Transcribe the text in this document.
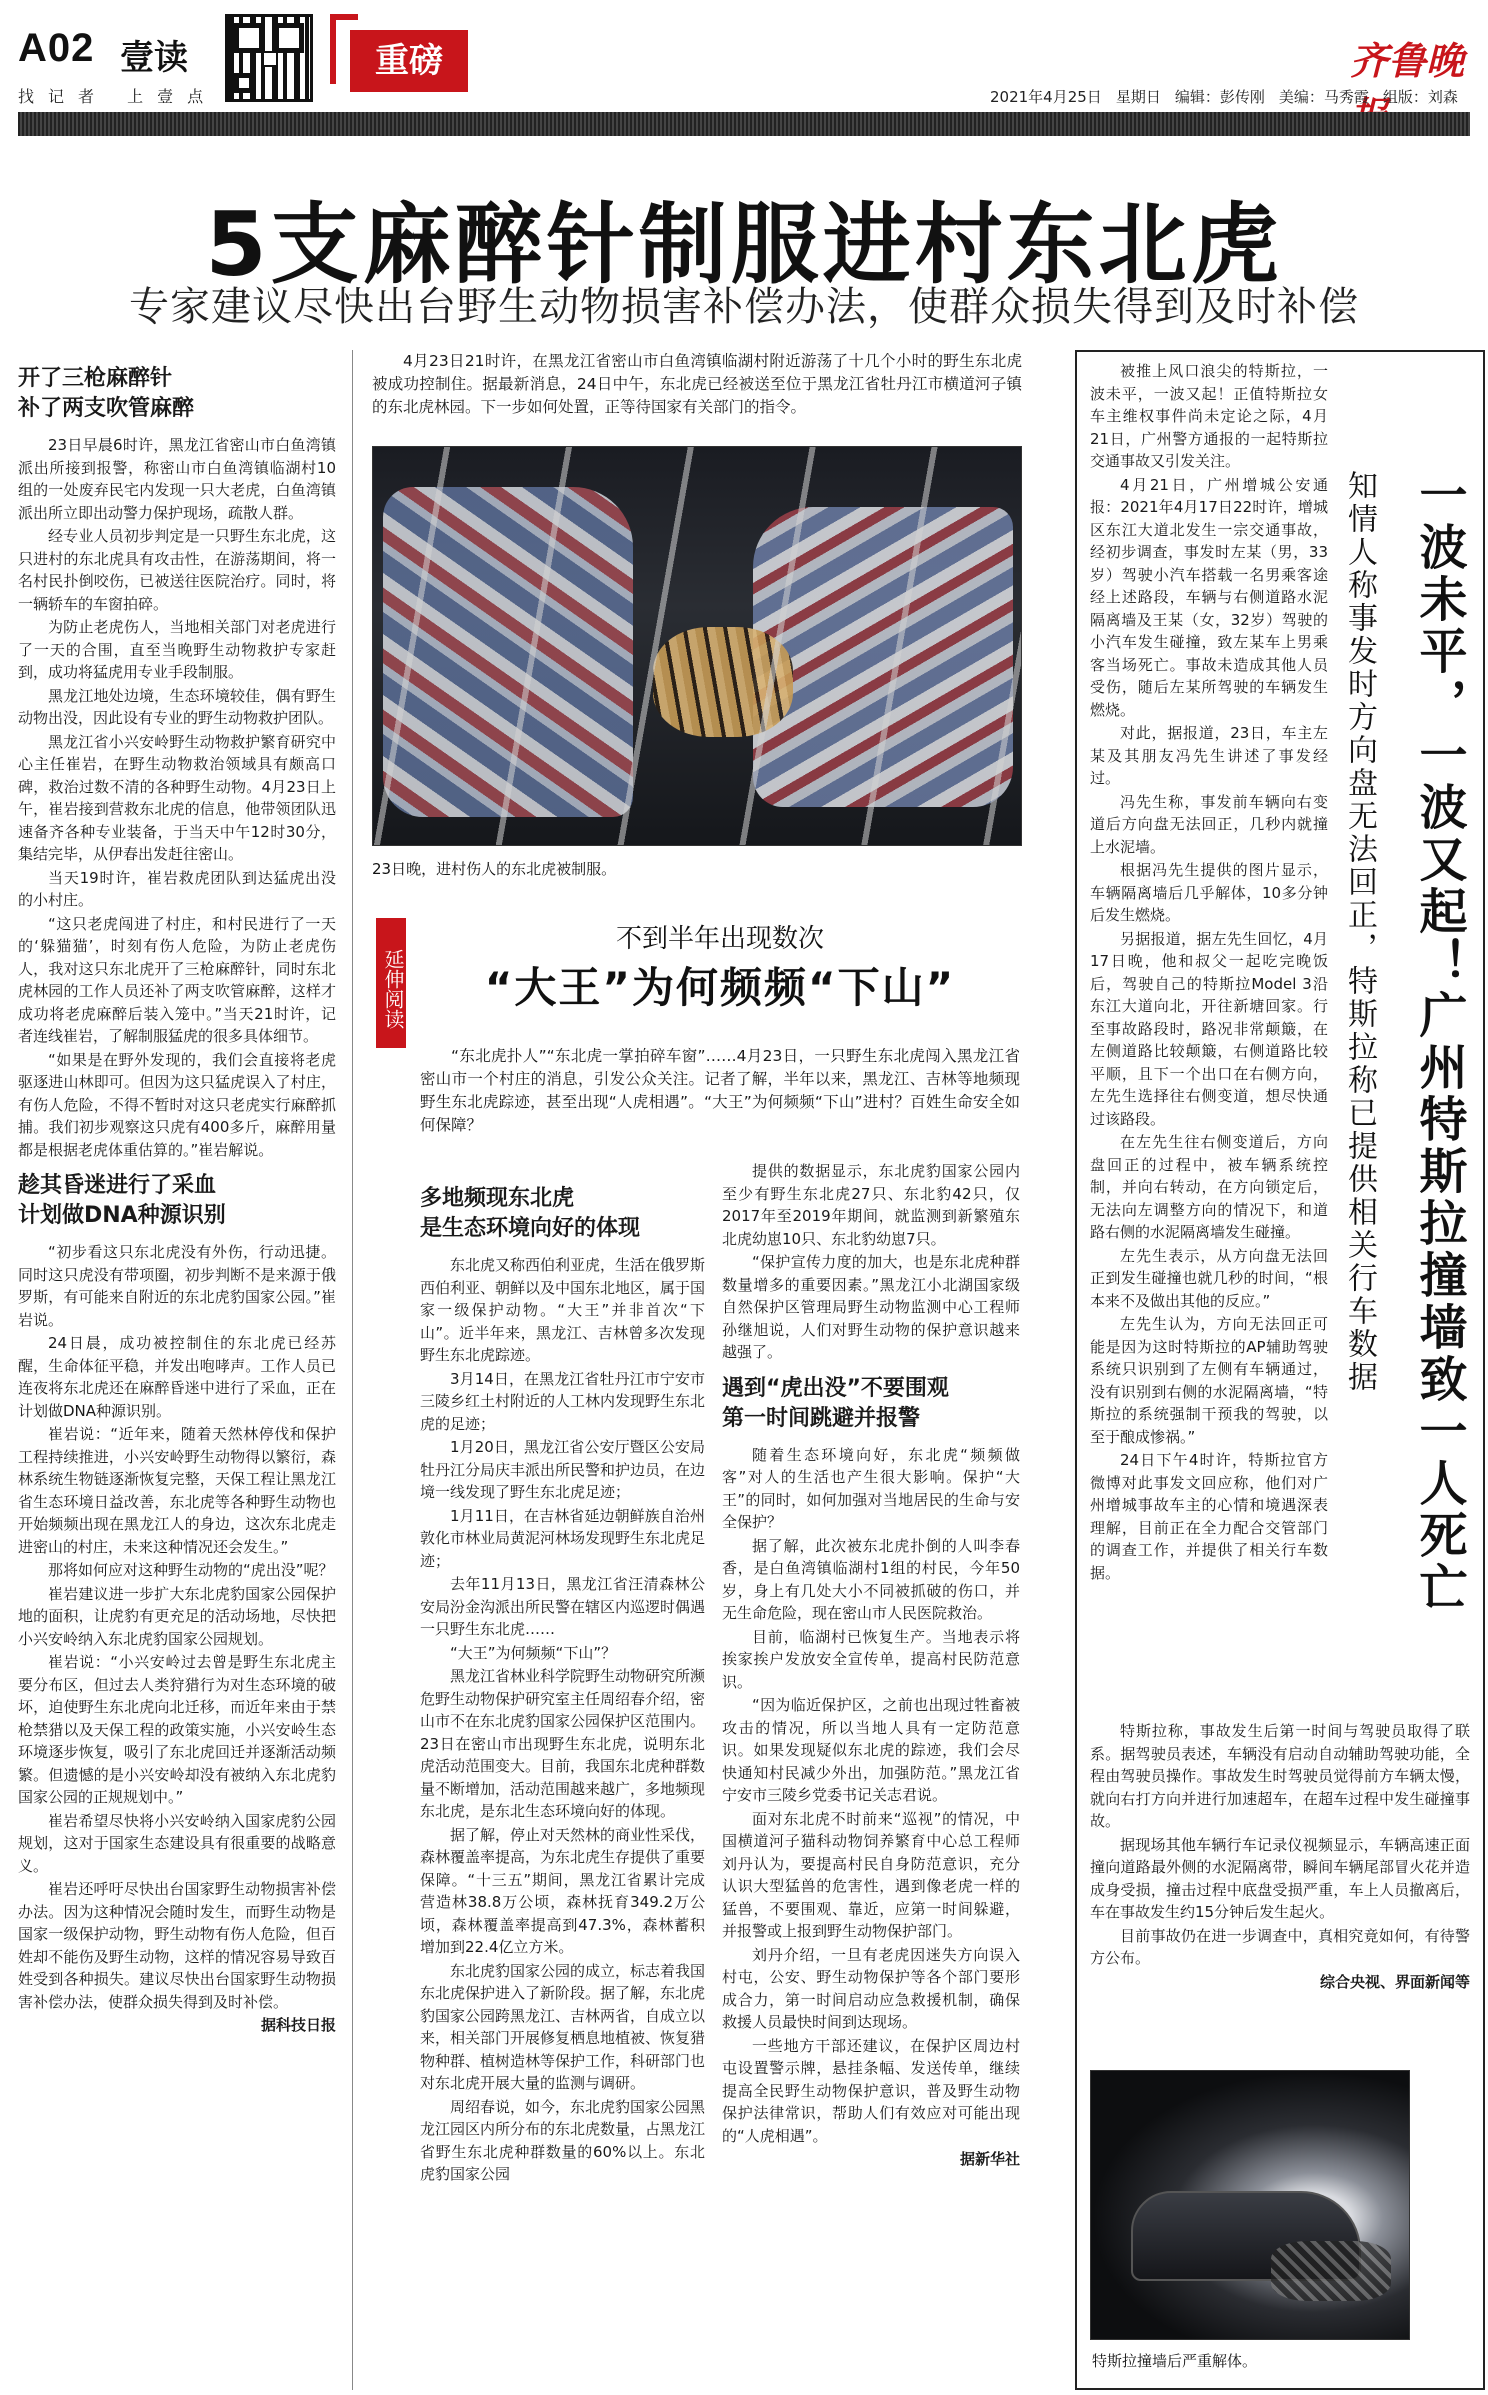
A02 壹读
找记者 上壹点
重磅	齐鲁晚
2021年4月25日 星期日 编辑：彭传刚 美编：马秀霞 组版：刘森
5支麻醉针制服进村东北虎
专家建议尽快出台野生动物损害补偿办法，使群众损失得到及时补偿
开了三枪麻醉针
补了两支吹管麻醉

23日早晨6时许，黑龙江省密山市白鱼湾镇派出所接到报警，称密山市白鱼湾镇临湖村10组的一处废弃民宅内发现一只大老虎，白鱼湾镇派出所立即出动警力保护现场，疏散人群。

经专业人员初步判定是一只野生东北虎，这只进村的东北虎具有攻击性，在游荡期间，将一名村民扑倒咬伤，已被送往医院治疗。同时，将一辆轿车的车窗拍碎。

为防止老虎伤人，当地相关部门对老虎进行了一天的合围，直至当晚野生动物救护专家赶到，成功将猛虎用专业手段制服。

黑龙江地处边境，生态环境较佳，偶有野生动物出没，因此设有专业的野生动物救护团队。

黑龙江省小兴安岭野生动物救护繁育研究中心主任崔岩，在野生动物救治领域具有颇高口碑，救治过数不清的各种野生动物。4月23日上午，崔岩接到营救东北虎的信息，他带领团队迅速备齐各种专业装备，于当天中午12时30分，集结完毕，从伊春出发赶往密山。

当天19时许，崔岩救虎团队到达猛虎出没的小村庄。

“这只老虎闯进了村庄，和村民进行了一天的‘躲猫猫’，时刻有伤人危险，为防止老虎伤人，我对这只东北虎开了三枪麻醉针，同时东北虎林园的工作人员还补了两支吹管麻醉，这样才成功将老虎麻醉后装入笼中。”当天21时许，记者连线崔岩，了解制服猛虎的很多具体细节。

“如果是在野外发现的，我们会直接将老虎驱逐进山林即可。但因为这只猛虎误入了村庄，有伤人危险，不得不暂时对这只老虎实行麻醉抓捕。我们初步观察这只虎有400多斤，麻醉用量都是根据老虎体重估算的。”崔岩解说。

趁其昏迷进行了采血
计划做DNA种源识别

“初步看这只东北虎没有外伤，行动迅捷。同时这只虎没有带项圈，初步判断不是来源于俄罗斯，有可能来自附近的东北虎豹国家公园。”崔岩说。

24日晨，成功被控制住的东北虎已经苏醒，生命体征平稳，并发出咆哮声。工作人员已连夜将东北虎还在麻醉昏迷中进行了采血，正在计划做DNA种源识别。

崔岩说：“近年来，随着天然林停伐和保护工程持续推进，小兴安岭野生动物得以繁衍，森林系统生物链逐渐恢复完整，天保工程让黑龙江省生态环境日益改善，东北虎等各种野生动物也开始频频出现在黑龙江人的身边，这次东北虎走进密山的村庄，未来这种情况还会发生。”

那将如何应对这种野生动物的“虎出没”呢？

崔岩建议进一步扩大东北虎豹国家公园保护地的面积，让虎豹有更充足的活动场地，尽快把小兴安岭纳入东北虎豹国家公园规划。

崔岩说：“小兴安岭过去曾是野生东北虎主要分布区，但过去人类狩猎行为对生态环境的破坏，迫使野生东北虎向北迁移，而近年来由于禁枪禁猎以及天保工程的政策实施，小兴安岭生态环境逐步恢复，吸引了东北虎回迁并逐渐活动频繁。但遗憾的是小兴安岭却没有被纳入东北虎豹国家公园的正规规划中。”

崔岩希望尽快将小兴安岭纳入国家虎豹公园规划，这对于国家生态建设具有很重要的战略意义。

崔岩还呼吁尽快出台国家野生动物损害补偿办法。因为这种情况会随时发生，而野生动物是国家一级保护动物，野生动物有伤人危险，但百姓却不能伤及野生动物，这样的情况容易导致百姓受到各种损失。建议尽快出台国家野生动物损害补偿办法，使群众损失得到及时补偿。

据科技日报

4月23日21时许，在黑龙江省密山市白鱼湾镇临湖村附近游荡了十几个小时的野生东北虎被成功控制住。据最新消息，24日中午，东北虎已经被送至位于黑龙江省牡丹江市横道河子镇的东北虎林园。下一步如何处置，正等待国家有关部门的指令。

23日晚，进村伤人的东北虎被制服。
延伸阅读
不到半年出现数次
“大王”为何频频“下山”

“东北虎扑人”“东北虎一掌拍碎车窗”……4月23日，一只野生东北虎闯入黑龙江省密山市一个村庄的消息，引发公众关注。记者了解，半年以来，黑龙江、吉林等地频现野生东北虎踪迹，甚至出现“人虎相遇”。“大王”为何频频“下山”进村？百姓生命安全如何保障？

多地频现东北虎
是生态环境向好的体现

东北虎又称西伯利亚虎，生活在俄罗斯西伯利亚、朝鲜以及中国东北地区，属于国家一级保护动物。“大王”并非首次“下山”。近半年来，黑龙江、吉林曾多次发现野生东北虎踪迹。

3月14日，在黑龙江省牡丹江市宁安市三陵乡红土村附近的人工林内发现野生东北虎的足迹；

1月20日，黑龙江省公安厅暨区公安局牡丹江分局庆丰派出所民警和护边员，在边境一线发现了野生东北虎足迹；

1月11日，在吉林省延边朝鲜族自治州敦化市林业局黄泥河林场发现野生东北虎足迹；

去年11月13日，黑龙江省汪清森林公安局汾金沟派出所民警在辖区内巡逻时偶遇一只野生东北虎……

“大王”为何频频“下山”？

黑龙江省林业科学院野生动物研究所濒危野生动物保护研究室主任周绍春介绍，密山市不在东北虎豹国家公园保护区范围内。23日在密山市出现野生东北虎，说明东北虎活动范围变大。目前，我国东北虎种群数量不断增加，活动范围越来越广，多地频现东北虎，是东北生态环境向好的体现。

据了解，停止对天然林的商业性采伐，森林覆盖率提高，为东北虎生存提供了重要保障。“十三五”期间，黑龙江省累计完成营造林38.8万公顷，森林抚育349.2万公顷，森林覆盖率提高到47.3%，森林蓄积增加到22.4亿立方米。

东北虎豹国家公园的成立，标志着我国东北虎保护进入了新阶段。据了解，东北虎豹国家公园跨黑龙江、吉林两省，自成立以来，相关部门开展修复栖息地植被、恢复猎物种群、植树造林等保护工作，科研部门也对东北虎开展大量的监测与调研。

周绍春说，如今，东北虎豹国家公园黑龙江园区内所分布的东北虎数量，占黑龙江省野生东北虎种群数量的60%以上。东北虎豹国家公园

提供的数据显示，东北虎豹国家公园内至少有野生东北虎27只、东北豹42只，仅2017年至2019年期间，就监测到新繁殖东北虎幼崽10只、东北豹幼崽7只。

“保护宣传力度的加大，也是东北虎种群数量增多的重要因素。”黑龙江小北湖国家级自然保护区管理局野生动物监测中心工程师孙继旭说，人们对野生动物的保护意识越来越强了。

遇到“虎出没”不要围观
第一时间跳避并报警

随着生态环境向好，东北虎“频频做客”对人的生活也产生很大影响。保护“大王”的同时，如何加强对当地居民的生命与安全保护？

据了解，此次被东北虎扑倒的人叫李春香，是白鱼湾镇临湖村1组的村民，今年50岁，身上有几处大小不同被抓破的伤口，并无生命危险，现在密山市人民医院救治。

目前，临湖村已恢复生产。当地表示将挨家挨户发放安全宣传单，提高村民防范意识。

“因为临近保护区，之前也出现过牲畜被攻击的情况，所以当地人具有一定防范意识。如果发现疑似东北虎的踪迹，我们会尽快通知村民减少外出，加强防范。”黑龙江省宁安市三陵乡党委书记关志君说。

面对东北虎不时前来“巡视”的情况，中国横道河子猫科动物饲养繁育中心总工程师刘丹认为，要提高村民自身防范意识，充分认识大型猛兽的危害性，遇到像老虎一样的猛兽，不要围观、靠近，应第一时间躲避，并报警或上报到野生动物保护部门。

刘丹介绍，一旦有老虎因迷失方向误入村屯，公安、野生动物保护等各个部门要形成合力，第一时间启动应急救援机制，确保救援人员最快时间到达现场。

一些地方干部还建议，在保护区周边村屯设置警示牌，悬挂条幅、发送传单，继续提高全民野生动物保护意识，普及野生动物保护法律常识，帮助人们有效应对可能出现的“人虎相遇”。

据新华社
一波未平，一波又起！广州特斯拉撞墙致一人死亡
知情人称事发时方向盘无法回正，特斯拉称已提供相关行车数据

被推上风口浪尖的特斯拉，一波未平，一波又起！正值特斯拉女车主维权事件尚未定论之际，4月21日，广州警方通报的一起特斯拉交通事故又引发关注。

4月21日，广州增城公安通报：2021年4月17日22时许，增城区东江大道北发生一宗交通事故，经初步调查，事发时左某（男，33岁）驾驶小汽车搭载一名男乘客途经上述路段，车辆与右侧道路水泥隔离墙及王某（女，32岁）驾驶的小汽车发生碰撞，致左某车上男乘客当场死亡。事故未造成其他人员受伤，随后左某所驾驶的车辆发生燃烧。

对此，据报道，23日，车主左某及其朋友冯先生讲述了事发经过。

冯先生称，事发前车辆向右变道后方向盘无法回正，几秒内就撞上水泥墙。

根据冯先生提供的图片显示，车辆隔离墙后几乎解体，10多分钟后发生燃烧。

另据报道，据左先生回忆，4月17日晚，他和叔父一起吃完晚饭后，驾驶自己的特斯拉Model 3沿东江大道向北，开往新塘回家。行至事故路段时，路况非常颠簸，在左侧道路比较颠簸，右侧道路比较平顺，且下一个出口在右侧方向，左先生选择往右侧变道，想尽快通过该路段。

在左先生往右侧变道后，方向盘回正的过程中，被车辆系统控制，并向右转动，在方向锁定后，无法向左调整方向的情况下，和道路右侧的水泥隔离墙发生碰撞。

左先生表示，从方向盘无法回正到发生碰撞也就几秒的时间，“根本来不及做出其他的反应。”

左先生认为，方向无法回正可能是因为这时特斯拉的AP辅助驾驶系统只识别到了左侧有车辆通过，没有识别到右侧的水泥隔离墙，“特斯拉的系统强制干预我的驾驶，以至于酿成惨祸。”

24日下午4时许，特斯拉官方微博对此事发文回应称，他们对广州增城事故车主的心情和境遇深表理解，目前正在全力配合交管部门的调查工作，并提供了相关行车数据。

特斯拉称，事故发生后第一时间与驾驶员取得了联系。据驾驶员表述，车辆没有启动自动辅助驾驶功能，全程由驾驶员操作。事故发生时驾驶员觉得前方车辆太慢，就向右打方向并进行加速超车，在超车过程中发生碰撞事故。

据现场其他车辆行车记录仪视频显示，车辆高速正面撞向道路最外侧的水泥隔离带，瞬间车辆尾部冒火花并造成身受损，撞击过程中底盘受损严重，车上人员撤离后，车在事故发生约15分钟后发生起火。

目前事故仍在进一步调查中，真相究竟如何，有待警方公布。

综合央视、界面新闻等
特斯拉撞墙后严重解体。
